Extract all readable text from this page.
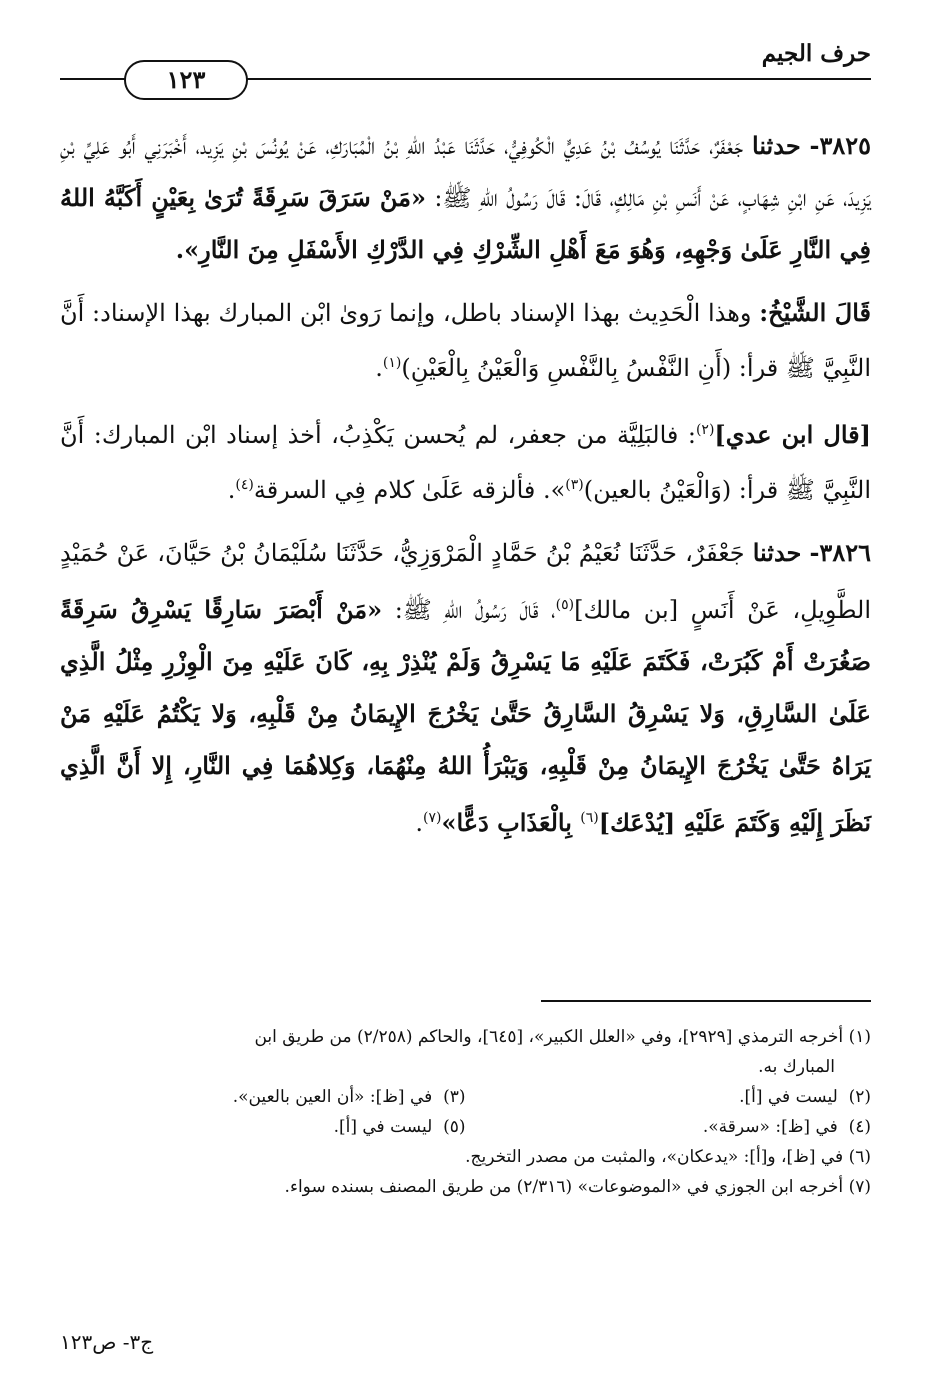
حرف الجيم
١٢٣

٣٨٢٥- حدثنا جَعْفَرٌ، حَدَّثَنَا يُوسُفُ بْنُ عَدِيٍّ الْكُوفِيُّ، حَدَّثَنَا عَبْدُ اللهِ بْنُ الْمُبَارَكِ، عَنْ يُونُسَ بْنِ يَزِيد، أَخْبَرَنِي أَبُو عَلِيِّ بْنِ يَزِيدَ، عَنِ ابْنِ شِهَابٍ، عَنْ أَنَسِ بْنِ مَالِكٍ، قَالَ: قَالَ رَسُولُ اللهِ ﷺ: «مَنْ سَرَقَ سَرِقَةً تُرَىٰ بِعَيْنٍ أَكَبَّهُ اللهُ فِي النَّارِ عَلَىٰ وَجْهِهِ، وَهُوَ مَعَ أَهْلِ الشِّرْكِ فِي الدَّرْكِ الأَسْفَلِ مِنَ النَّارِ».

قَالَ الشَّيْخُ: وهذا الْحَدِيث بهذا الإسناد باطل، وإنما رَوىٰ ابْن المبارك بهذا الإسناد: أَنَّ النَّبِيَّ ﷺ قرأ: (أَنِ النَّفْسُ بِالنَّفْسِ وَالْعَيْنُ بِالْعَيْنِ)$^{(١)}$.

[قال ابن عدي]$^{(٢)}$: فالبَلِيَّة من جعفر، لم يُحسن يَكْذِبُ، أخذ إسناد ابْن المبارك: أَنَّ النَّبِيَّ ﷺ قرأ: (وَالْعَيْنُ بالعين)$^{(٣)}$». فألزقه عَلَىٰ كلام فِي السرقة$^{(٤)}$.

٣٨٢٦- حدثنا جَعْفَرٌ، حَدَّثَنَا نُعَيْمُ بْنُ حَمَّادٍ الْمَرْوَزِيُّ، حَدَّثَنَا سُلَيْمَانُ بْنُ حَيَّانَ، عَنْ حُمَيْدٍ الطَّوِيلِ، عَنْ أَنَسٍ [بن مالك]$^{(٥)}$، قَالَ رَسُولُ اللهِ ﷺ: «مَنْ أَبْصَرَ سَارِقًا يَسْرِقُ سَرِقَةً صَغُرَتْ أَمْ كَبُرَتْ، فَكَتَمَ عَلَيْهِ مَا يَسْرِقُ وَلَمْ يُنْذِرْ بِهِ، كَانَ عَلَيْهِ مِنَ الْوِزْرِ مِثْلُ الَّذِي عَلَىٰ السَّارِقِ، وَلا يَسْرِقُ السَّارِقُ حَتَّىٰ يَخْرُجَ الإِيمَانُ مِنْ قَلْبِهِ، وَلا يَكْتُمُ عَلَيْهِ مَنْ يَرَاهُ حَتَّىٰ يَخْرُجَ الإِيمَانُ مِنْ قَلْبِهِ، وَيَبْرَأُ اللهُ مِنْهُمَا، وَكِلاهُمَا فِي النَّارِ، إِلا أَنَّ الَّذِي نَظَرَ إِلَيْهِ وَكَتَمَ عَلَيْهِ [يُدْعَك]$^{(٦)}$ بِالْعَذَابِ دَعًّا»$^{(٧)}$.

(١)

أخرجه الترمذي [٢٩٢٩]، وفي «العلل الكبير»، [٦٤٥]، والحاكم (٢/٢٥٨) من طريق ابن
المبارك به.
(٢)  ليست في [أ].
(٣)  في [ظ]: «أن العين بالعين».
(٤)  في [ظ]: «سرقة».
(٥)  ليست في [أ].
(٦)

في [ظ]، و[أ]: «يدعكان»، والمثبت من مصدر التخريج.
(٧)

أخرجه ابن الجوزي في «الموضوعات» (٢/٣١٦) من طريق المصنف بسنده سواء.
ج٣- ص١٢٣
